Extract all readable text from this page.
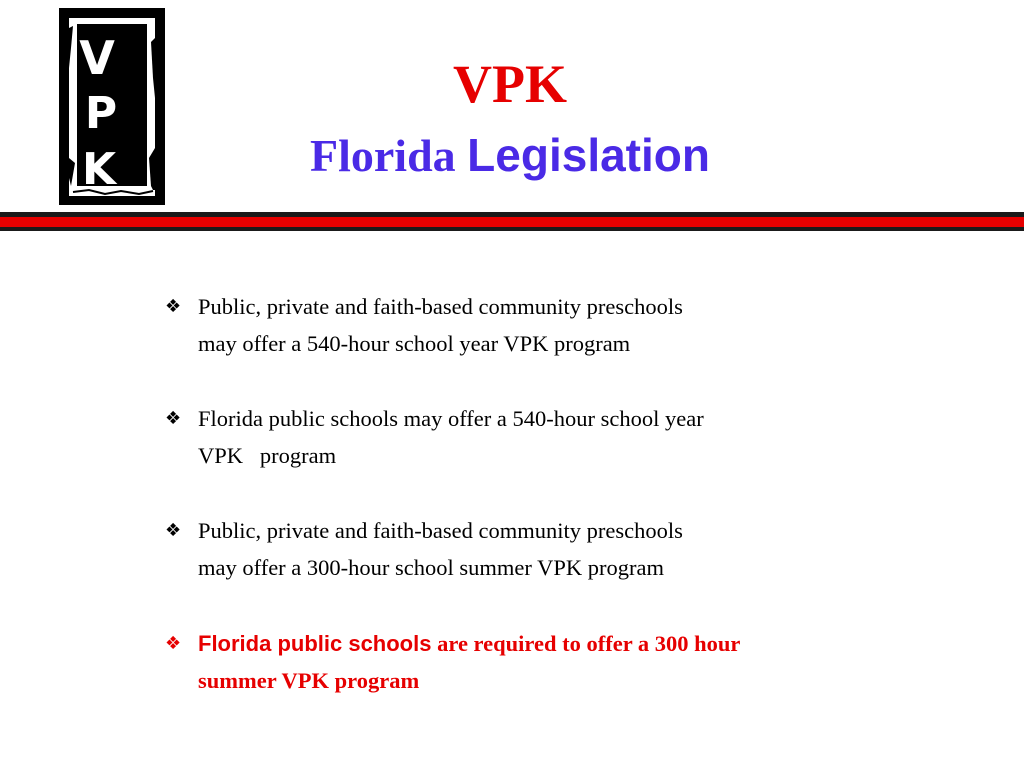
V
P
K
VPK
Florida Legislation
❖ Public, private and faith-based community preschools
may offer a 540-hour school year VPK program
❖ Florida public schools may offer a 540-hour school year
VPK   program
❖ Public, private and faith-based community preschools
may offer a 300-hour school summer VPK program
❖ Florida public schools are required to offer a 300 hour
summer VPK program
